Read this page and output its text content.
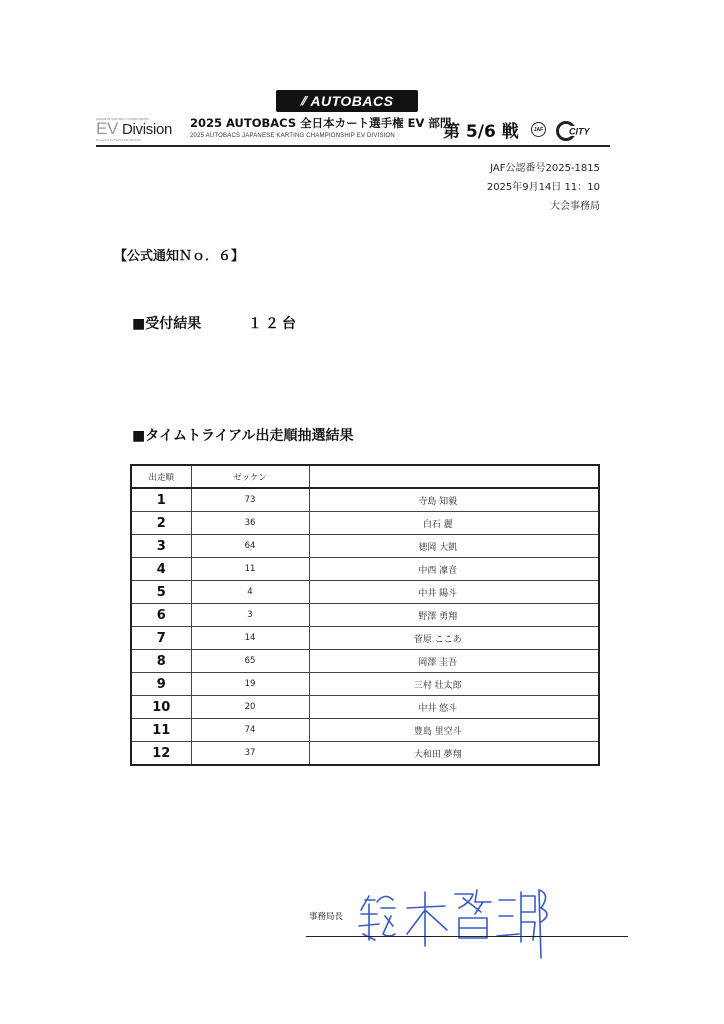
⫽ AUTOBACS
JAPANESE KARTING CHAMPIONSHIP
EV Division
Powered by ELECTRIC MOTOR
2025 AUTOBACS 全日本カート選手権 EV 部門
2025 AUTOBACS JAPANESE KARTING CHAMPIONSHIP EV DIVISION	第 5/6 戦	JAF	CITY
JAF公認番号2025-1815
2025年9月14日 11：10
大会事務局
【公式通知Ｎｏ．６】
■受付結果	１２台
■タイムトライアル出走順抽選結果
出走順	ゼッケン	
1	73	寺島 知毅
2	36	白石 麗
3	64	徳岡 大凱
4	11	中西 凜音
5	4	中井 陽斗
6	3	野澤 勇翔
7	14	菅原 ここあ
8	65	岡澤 圭吾
9	19	三村 壮太郎
10	20	中井 悠斗
11	74	豊島 里空斗
12	37	大和田 夢翔
事務局長
